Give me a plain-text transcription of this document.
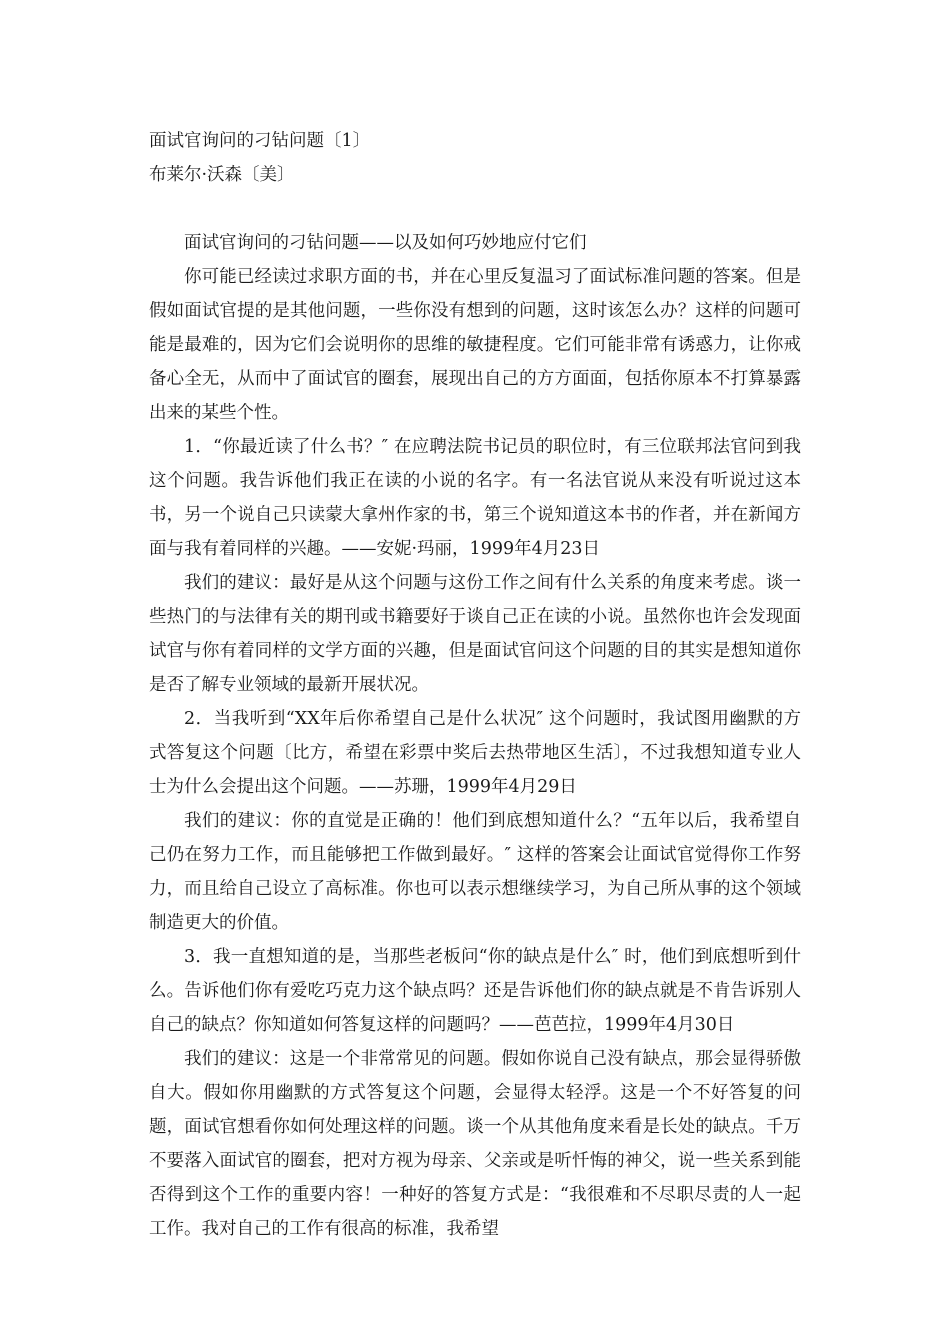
面试官询问的刁钻问题〔1〕

布莱尔·沃森〔美〕

面试官询问的刁钻问题——以及如何巧妙地应付它们

你可能已经读过求职方面的书，并在心里反复温习了面试标准问题的答案。但是假如面试官提的是其他问题，一些你没有想到的问题，这时该怎么办？这样的问题可能是最难的，因为它们会说明你的思维的敏捷程度。它们可能非常有诱惑力，让你戒备心全无，从而中了面试官的圈套，展现出自己的方方面面，包括你原本不打算暴露出来的某些个性。

1．“你最近读了什么书？″ 在应聘法院书记员的职位时，有三位联邦法官问到我这个问题。我告诉他们我正在读的小说的名字。有一名法官说从来没有听说过这本书，另一个说自己只读蒙大拿州作家的书，第三个说知道这本书的作者，并在新闻方面与我有着同样的兴趣。——安妮·玛丽，1999年4月23日

我们的建议：最好是从这个问题与这份工作之间有什么关系的角度来考虑。谈一些热门的与法律有关的期刊或书籍要好于谈自己正在读的小说。虽然你也许会发现面试官与你有着同样的文学方面的兴趣，但是面试官问这个问题的目的其实是想知道你是否了解专业领域的最新开展状况。

2．当我听到“XX年后你希望自己是什么状况″ 这个问题时，我试图用幽默的方式答复这个问题〔比方，希望在彩票中奖后去热带地区生活〕，不过我想知道专业人士为什么会提出这个问题。——苏珊，1999年4月29日

我们的建议：你的直觉是正确的！他们到底想知道什么？“五年以后，我希望自己仍在努力工作，而且能够把工作做到最好。″ 这样的答案会让面试官觉得你工作努力，而且给自己设立了高标准。你也可以表示想继续学习，为自己所从事的这个领域制造更大的价值。

3．我一直想知道的是，当那些老板问“你的缺点是什么″ 时，他们到底想听到什么。告诉他们你有爱吃巧克力这个缺点吗？还是告诉他们你的缺点就是不肯告诉别人自己的缺点？你知道如何答复这样的问题吗？——芭芭拉，1999年4月30日

我们的建议：这是一个非常常见的问题。假如你说自己没有缺点，那会显得骄傲自大。假如你用幽默的方式答复这个问题，会显得太轻浮。这是一个不好答复的问题，面试官想看你如何处理这样的问题。谈一个从其他角度来看是长处的缺点。千万不要落入面试官的圈套，把对方视为母亲、父亲或是听忏悔的神父，说一些关系到能否得到这个工作的重要内容！一种好的答复方式是：“我很难和不尽职尽责的人一起工作。我对自己的工作有很高的标准，我希望
